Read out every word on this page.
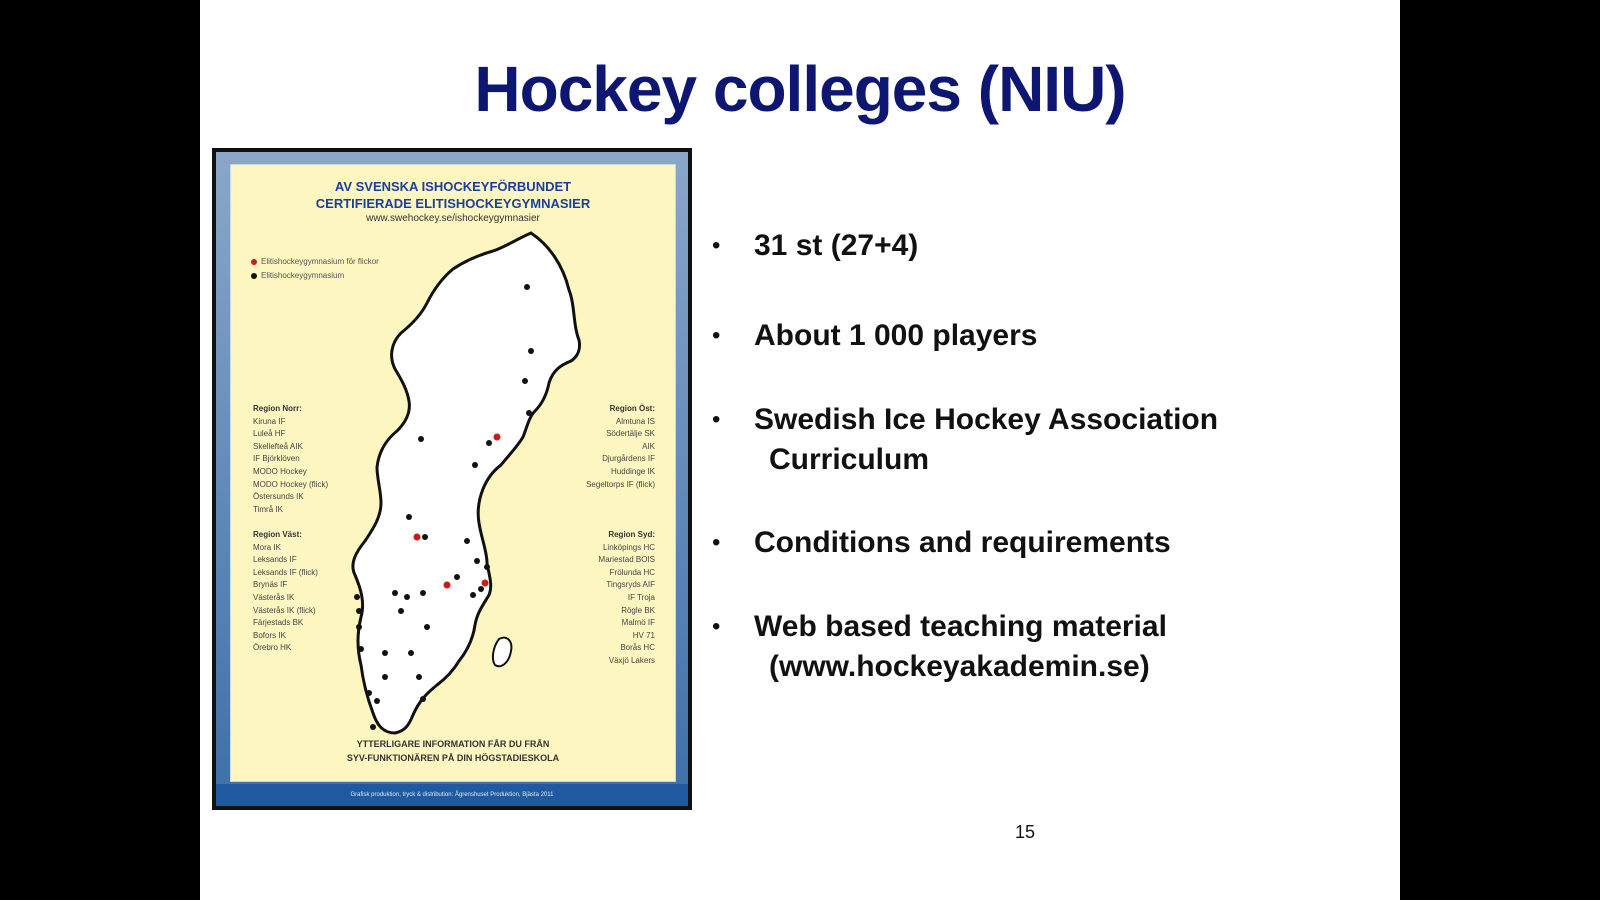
Hockey colleges (NIU)
AV SVENSKA ISHOCKEYFÖRBUNDET
CERTIFIERADE ELITISHOCKEYGYMNASIER
www.swehockey.se/ishockeygymnasier
Elitishockeygymnasium för flickor
Elitishockeygymnasium
Region Norr:
Kiruna IF
Luleå HF
Skellefteå AIK
IF Björklöven
MODO Hockey
MODO Hockey (flick)
Östersunds IK
Timrå IK
Region Väst:
Mora IK
Leksands IF
Leksands IF (flick)
Brynäs IF
Västerås IK
Västerås IK (flick)
Färjestads BK
Bofors IK
Örebro HK
Region Öst:
Almtuna IS
Södertälje SK
AIK
Djurgårdens IF
Huddinge IK
Segeltorps IF (flick)
Region Syd:
Linköpings HC
Mariestad BOIS
Frölunda HC
Tingsryds AIF
IF Troja
Rögle BK
Malmö IF
HV 71
Borås HC
Växjö Lakers
YTTERLIGARE INFORMATION FÅR DU FRÅN
SYV-FUNKTIONÄREN PÅ DIN HÖGSTADIESKOLA
Grafisk produktion, tryck & distribution: Ågrenshuset Produktion, Bjästa 2011
• 31 st (27+4)
• About 1 000 players
• Swedish Ice Hockey Association
Curriculum
• Conditions and requirements
• Web based teaching material
(www.hockeyakademin.se)
15
